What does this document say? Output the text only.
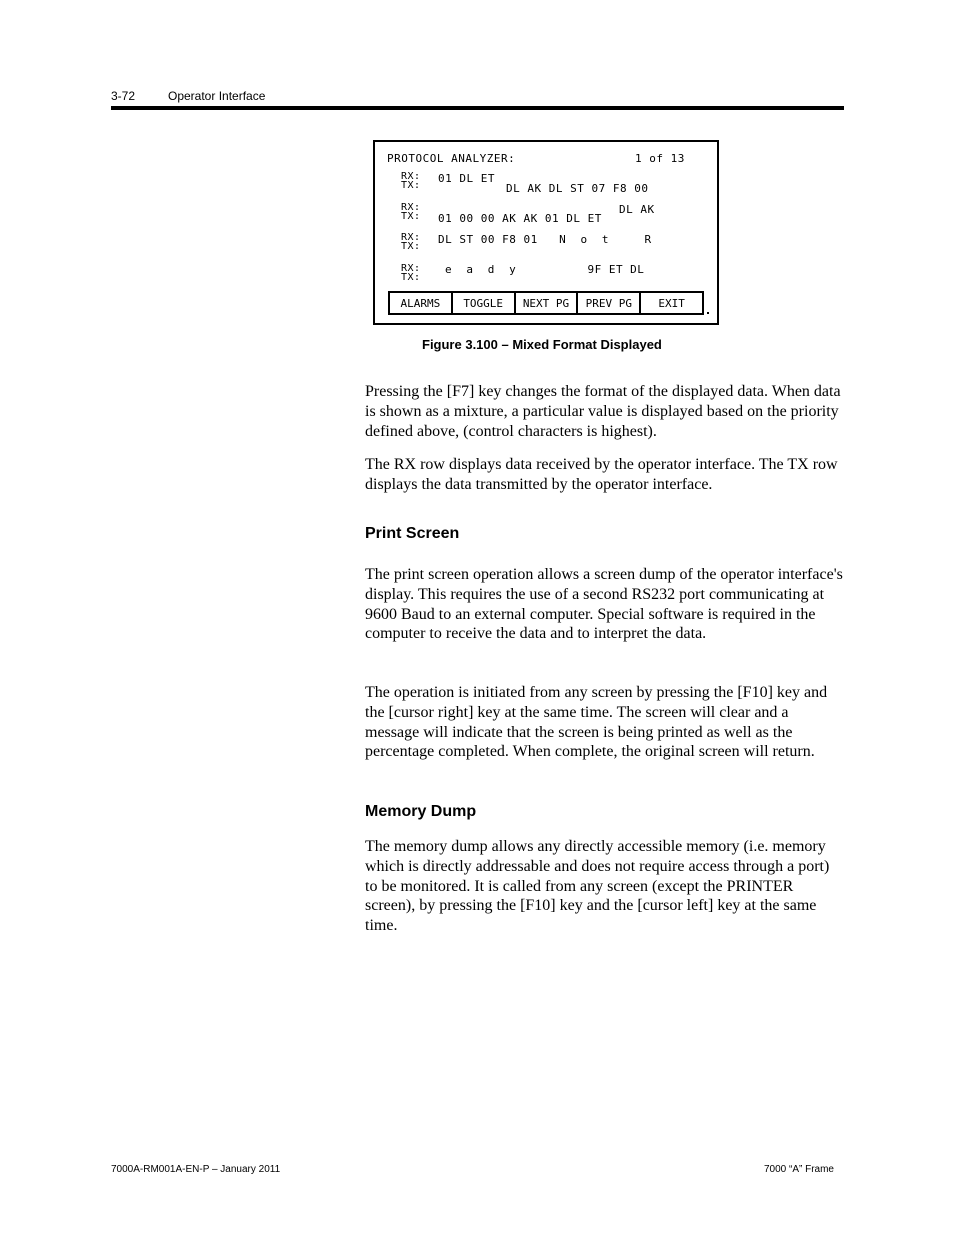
3-72	Operator Interface
PROTOCOL ANALYZER:	1 of 13
RX:
TX:
01 DL ET
DL AK DL ST 07 F8 00
RX:
TX:
DL AK
01 00 00 AK AK 01 DL ET
RX:
TX:
DL ST 00 F8 01   N  o  t     R
RX:
TX:
e  a  d  y          9F ET DL
ALARMS	TOGGLE	NEXT PG	PREV PG	EXIT
Figure 3.100 – Mixed Format Displayed

Pressing the [F7] key changes the format of the displayed data. When data is shown as a mixture, a particular value is displayed based on the priority defined above, (control characters is highest).

The RX row displays data received by the operator interface. The TX row displays the data transmitted by the operator interface.

Print Screen

The print screen operation allows a screen dump of the operator interface's display. This requires the use of a second RS232 port communicating at 9600 Baud to an external computer. Special software is required in the computer to receive the data and to interpret the data.

The operation is initiated from any screen by pressing the [F10] key and the [cursor right] key at the same time. The screen will clear and a message will indicate that the screen is being printed as well as the percentage completed. When complete, the original screen will return.

Memory Dump

The memory dump allows any directly accessible memory (i.e. memory which is directly addressable and does not require access through a port) to be monitored. It is called from any screen (except the PRINTER screen), by pressing the [F10] key and the [cursor left] key at the same time.

7000A-RM001A-EN-P – January 2011	7000 “A” Frame
